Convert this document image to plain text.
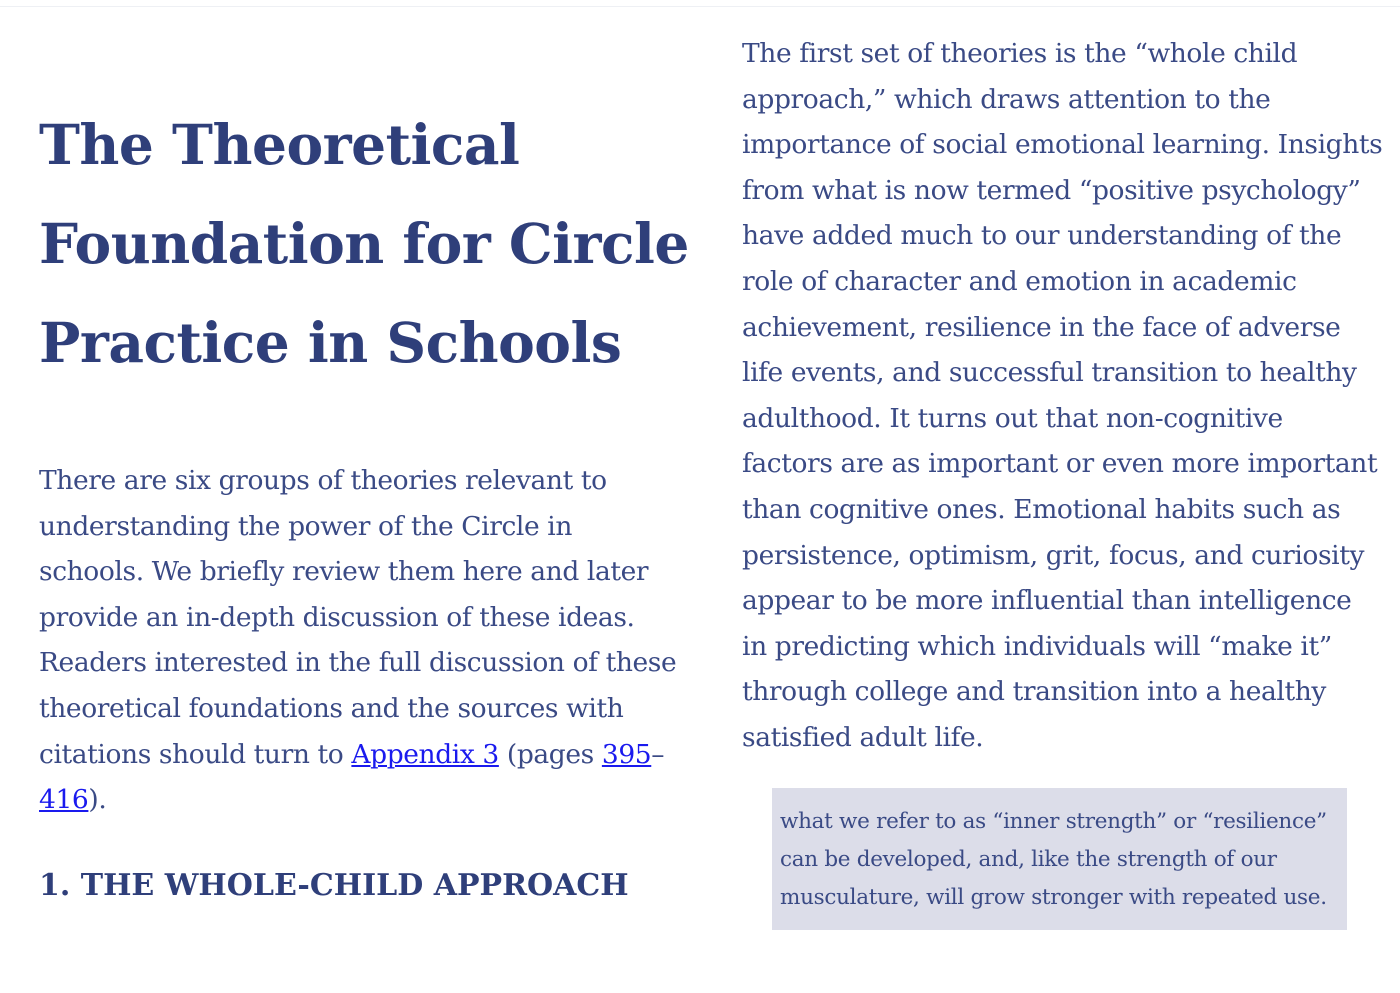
The Theoretical
Foundation for Circle
Practice in Schools

There are six groups of theories relevant to
understanding the power of the Circle in
schools. We briefly review them here and later
provide an in-depth discussion of these ideas.
Readers interested in the full discussion of these
theoretical foundations and the sources with
citations should turn to Appendix 3 (pages 395–
416).

1. THE WHOLE-CHILD APPROACH

The first set of theories is the “whole child
approach,” which draws attention to the
importance of social emotional learning. Insights
from what is now termed “positive psychology”
have added much to our understanding of the
role of character and emotion in academic
achievement, resilience in the face of adverse
life events, and successful transition to healthy
adulthood. It turns out that non-cognitive
factors are as important or even more important
than cognitive ones. Emotional habits such as
persistence, optimism, grit, focus, and curiosity
appear to be more influential than intelligence
in predicting which individuals will “make it”
through college and transition into a healthy
satisfied adult life.

what we refer to as “inner strength” or “resilience”
can be developed, and, like the strength of our
musculature, will grow stronger with repeated use.
